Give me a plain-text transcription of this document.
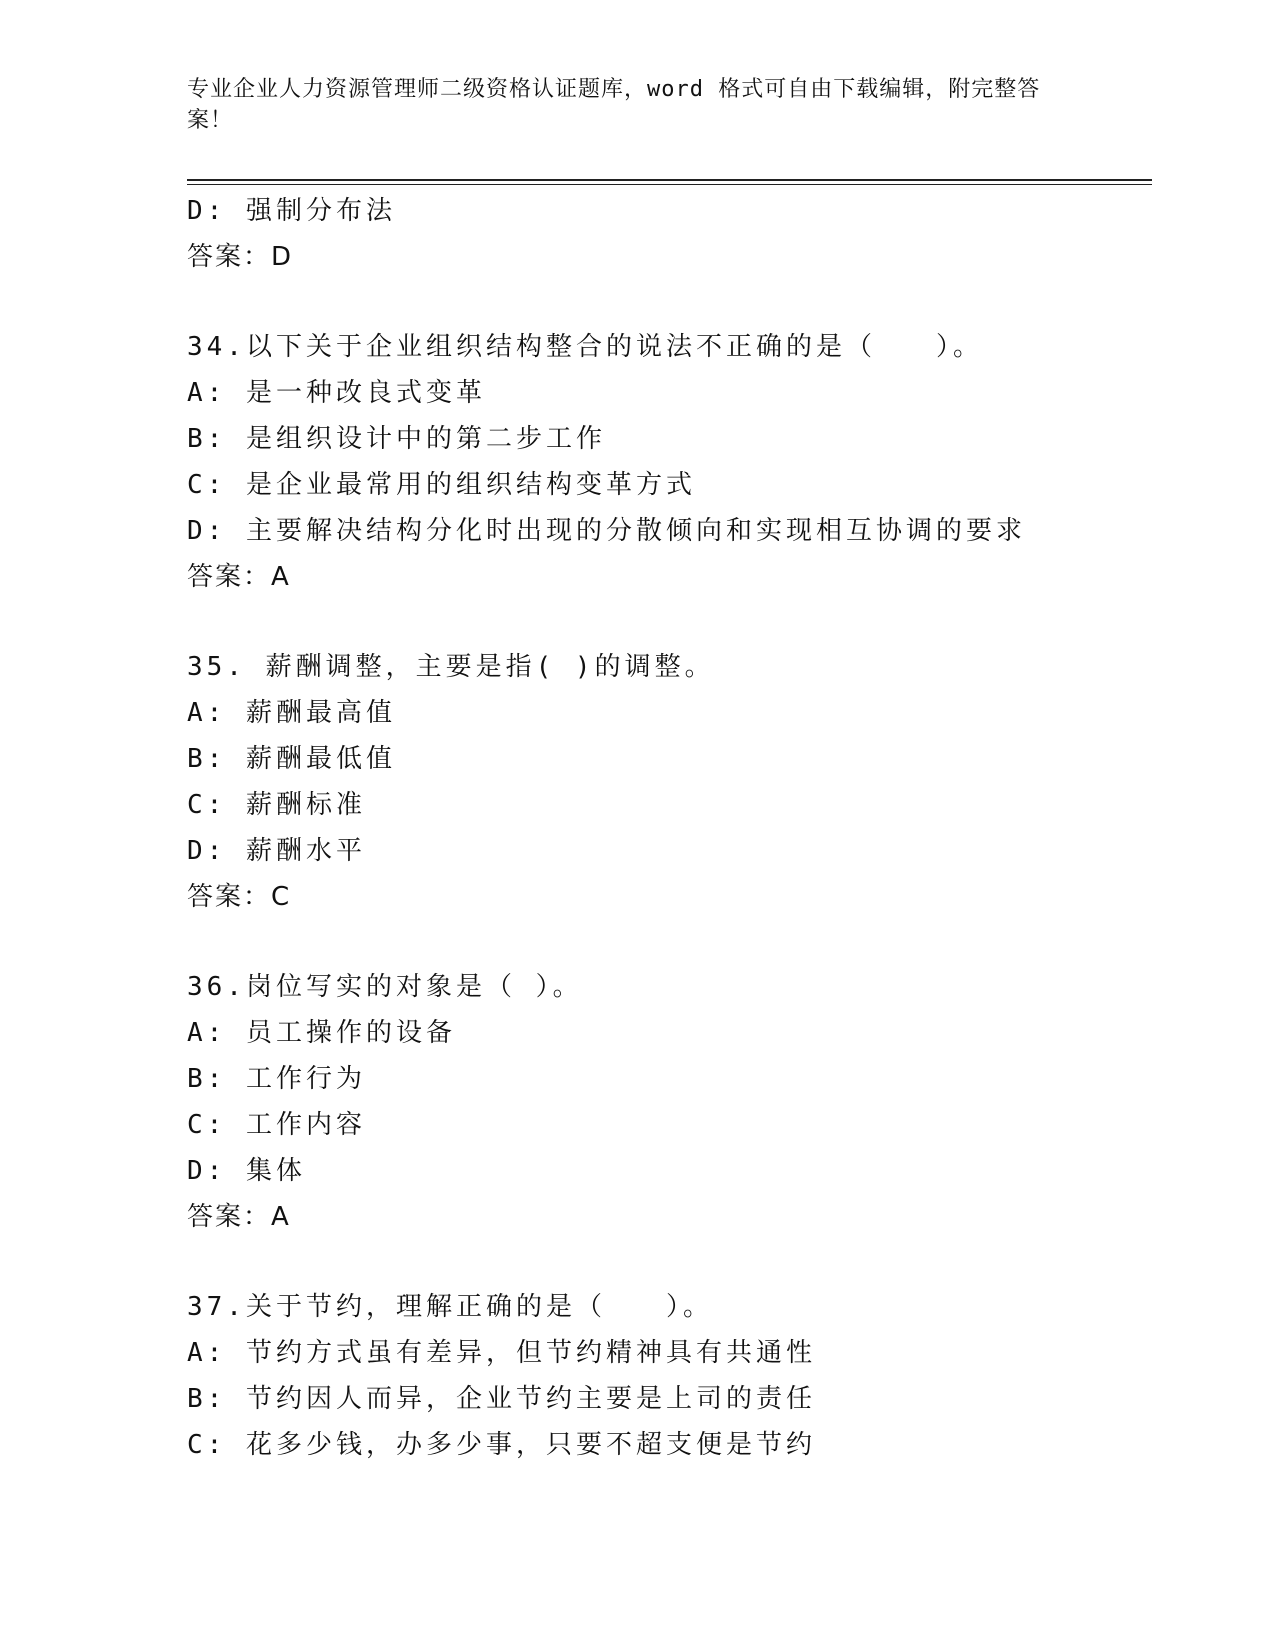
专业企业人力资源管理师二级资格认证题库，word 格式可自由下载编辑，附完整答案！
D: 强制分布法
答案：D
34.以下关于企业组织结构整合的说法不正确的是（　　）。
A: 是一种改良式变革
B: 是组织设计中的第二步工作
C: 是企业最常用的组织结构变革方式
D: 主要解决结构分化时出现的分散倾向和实现相互协调的要求
答案：A
35. 薪酬调整，主要是指( )的调整。
A: 薪酬最高值
B: 薪酬最低值
C: 薪酬标准
D: 薪酬水平
答案：C
36.岗位写实的对象是（ ）。
A: 员工操作的设备
B: 工作行为
C: 工作内容
D: 集体
答案：A
37.关于节约，理解正确的是（　　）。
A: 节约方式虽有差异，但节约精神具有共通性
B: 节约因人而异，企业节约主要是上司的责任
C: 花多少钱，办多少事，只要不超支便是节约
